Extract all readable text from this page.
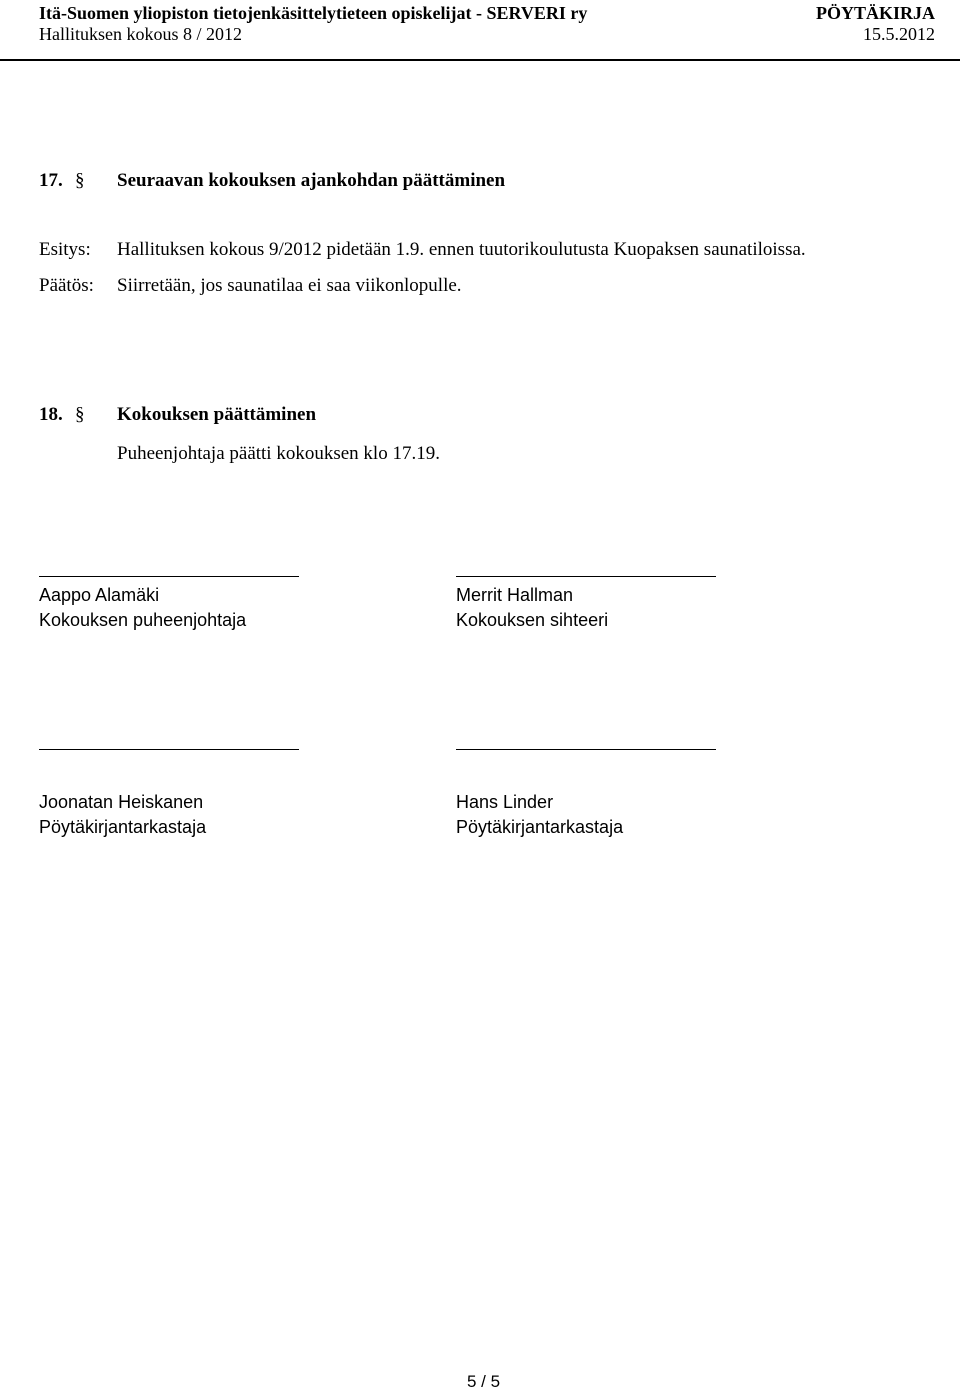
Itä-Suomen yliopiston tietojenkäsittelytieteen opiskelijat - SERVERI ry	PÖYTÄKIRJA
Hallituksen kokous 8 / 2012	15.5.2012
17. § Seuraavan kokouksen ajankohdan päättäminen
Esitys: Hallituksen kokous 9/2012 pidetään 1.9. ennen tuutorikoulutusta Kuopaksen saunatiloissa.
Päätös: Siirretään, jos saunatilaa ei saa viikonlopulle.
18. § Kokouksen päättäminen
Puheenjohtaja päätti kokouksen klo 17.19.
Aappo Alamäki
Kokouksen puheenjohtaja
Merrit Hallman
Kokouksen sihteeri
Joonatan Heiskanen
Pöytäkirjantarkastaja
Hans Linder
Pöytäkirjantarkastaja
5 / 5
